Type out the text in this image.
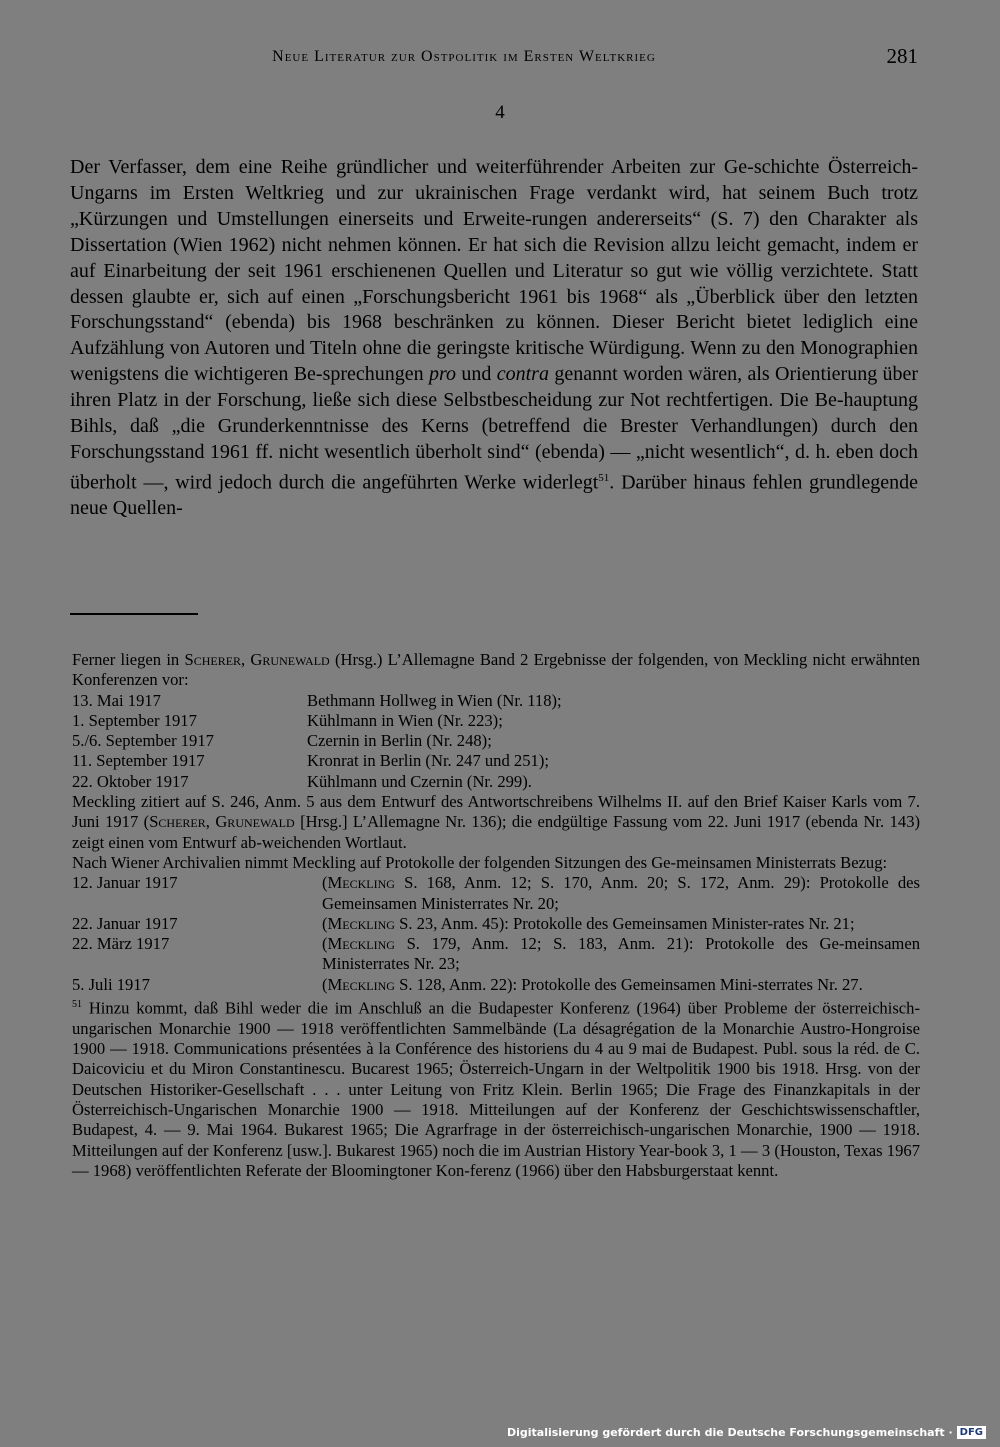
Neue Literatur zur Ostpolitik im Ersten Weltkrieg	281
4

Der Verfasser, dem eine Reihe gründlicher und weiterführender Arbeiten zur Ge-schichte Österreich-Ungarns im Ersten Weltkrieg und zur ukrainischen Frage verdankt wird, hat seinem Buch trotz „Kürzungen und Umstellungen einerseits und Erweite-rungen andererseits“ (S. 7) den Charakter als Dissertation (Wien 1962) nicht nehmen können. Er hat sich die Revision allzu leicht gemacht, indem er auf Einarbeitung der seit 1961 erschienenen Quellen und Literatur so gut wie völlig verzichtete. Statt dessen glaubte er, sich auf einen „Forschungsbericht 1961 bis 1968“ als „Überblick über den letzten Forschungsstand“ (ebenda) bis 1968 beschränken zu können. Dieser Bericht bietet lediglich eine Aufzählung von Autoren und Titeln ohne die geringste kritische Würdigung. Wenn zu den Monographien wenigstens die wichtigeren Be-sprechungen pro und contra genannt worden wären, als Orientierung über ihren Platz in der Forschung, ließe sich diese Selbstbescheidung zur Not rechtfertigen. Die Be-hauptung Bihls, daß „die Grunderkenntnisse des Kerns (betreffend die Brester Verhandlungen) durch den Forschungsstand 1961 ff. nicht wesentlich überholt sind“ (ebenda) — „nicht wesentlich“, d. h. eben doch überholt —, wird jedoch durch die angeführten Werke widerlegt$^{51}$. Darüber hinaus fehlen grundlegende neue Quellen-

Ferner liegen in Scherer, Grunewald (Hrsg.) L’Allemagne Band 2 Ergebnisse der folgenden, von Meckling nicht erwähnten Konferenzen vor:

13. Mai 1917	Bethmann Hollweg in Wien (Nr. 118);
1. September 1917	Kühlmann in Wien (Nr. 223);
5./6. September 1917	Czernin in Berlin (Nr. 248);
11. September 1917	Kronrat in Berlin (Nr. 247 und 251);
22. Oktober 1917	Kühlmann und Czernin (Nr. 299).

Meckling zitiert auf S. 246, Anm. 5 aus dem Entwurf des Antwortschreibens Wilhelms II. auf den Brief Kaiser Karls vom 7. Juni 1917 (Scherer, Grunewald [Hrsg.] L’Allemagne Nr. 136); die endgültige Fassung vom 22. Juni 1917 (ebenda Nr. 143) zeigt einen vom Entwurf ab-weichenden Wortlaut.

Nach Wiener Archivalien nimmt Meckling auf Protokolle der folgenden Sitzungen des Ge-meinsamen Ministerrats Bezug:

12. Januar 1917	(Meckling S. 168, Anm. 12; S. 170, Anm. 20; S. 172, Anm. 29): Protokolle des Gemeinsamen Ministerrates Nr. 20;
22. Januar 1917	(Meckling S. 23, Anm. 45): Protokolle des Gemeinsamen Minister-rates Nr. 21;
22. März 1917	(Meckling S. 179, Anm. 12; S. 183, Anm. 21): Protokolle des Ge-meinsamen Ministerrates Nr. 23;
5. Juli 1917	(Meckling S. 128, Anm. 22): Protokolle des Gemeinsamen Mini-sterrates Nr. 27.

$^{51}$ Hinzu kommt, daß Bihl weder die im Anschluß an die Budapester Konferenz (1964) über Probleme der österreichisch-ungarischen Monarchie 1900 — 1918 veröffentlichten Sammelbände (La désagrégation de la Monarchie Austro-Hongroise 1900 — 1918. Communications présentées à la Conférence des historiens du 4 au 9 mai de Budapest. Publ. sous la réd. de C. Daicoviciu et du Miron Constantinescu. Bucarest 1965; Österreich-Ungarn in der Weltpolitik 1900 bis 1918. Hrsg. von der Deutschen Historiker-Gesellschaft . . . unter Leitung von Fritz Klein. Berlin 1965; Die Frage des Finanzkapitals in der Österreichisch-Ungarischen Monarchie 1900 — 1918. Mitteilungen auf der Konferenz der Geschichtswissenschaftler, Budapest, 4. — 9. Mai 1964. Bukarest 1965; Die Agrarfrage in der österreichisch-ungarischen Monarchie, 1900 — 1918. Mitteilungen auf der Konferenz [usw.]. Bukarest 1965) noch die im Austrian History Year-book 3, 1 — 3 (Houston, Texas 1967 — 1968) veröffentlichten Referate der Bloomingtoner Kon-ferenz (1966) über den Habsburgerstaat kennt.

Digitalisierung gefördert durch die Deutsche Forschungsgemeinschaft · DFG
